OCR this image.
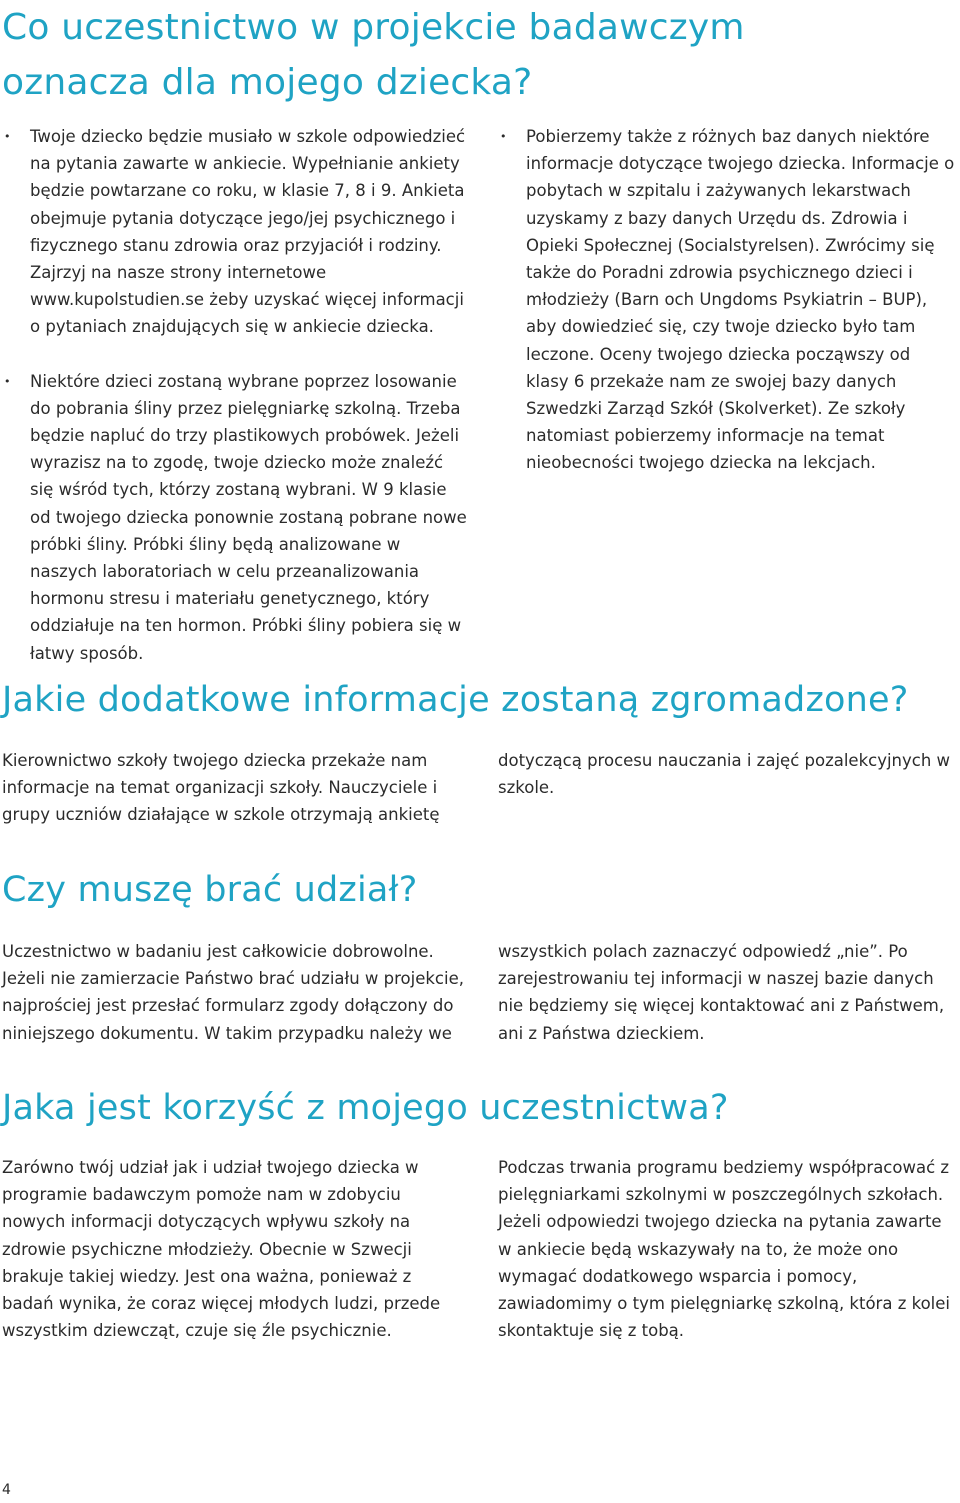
Co uczestnictwo w projekcie badawczym oznacza dla mojego dziecka?
• Twoje dziecko będzie musiało w szkole odpowiedzieć na pytania zawarte w ankiecie. Wypełnianie ankiety będzie powtarzane co roku, w klasie 7, 8 i 9. Ankieta obejmuje pytania dotyczące jego/jej psychicznego i fizycznego stanu zdrowia oraz przyjaciół i rodziny. Zajrzyj na nasze strony internetowe www.kupolstudien.se żeby uzyskać więcej informacji o pytaniach znajdujących się w ankiecie dziecka.
• Niektóre dzieci zostaną wybrane poprzez losowanie do pobrania śliny przez pielęgniarkę szkolną. Trzeba będzie napluć do trzy plastikowych probówek. Jeżeli wyrazisz na to zgodę, twoje dziecko może znaleźć się wśród tych, którzy zostaną wybrani. W 9 klasie od twojego dziecka ponownie zostaną pobrane nowe próbki śliny. Próbki śliny będą analizowane w naszych laboratoriach w celu przeanalizowania hormonu stresu i materiału genetycznego, który oddziałuje na ten hormon. Próbki śliny pobiera się w łatwy sposób.
• Pobierzemy także z różnych baz danych niektóre informacje dotyczące twojego dziecka. Informacje o pobytach w szpitalu i zażywanych lekarstwach uzyskamy z bazy danych Urzędu ds. Zdrowia i Opieki Społecznej (Socialstyrelsen). Zwrócimy się także do Poradni zdrowia psychicznego dzieci i młodzieży (Barn och Ungdoms Psykiatrin – BUP), aby dowiedzieć się, czy twoje dziecko było tam leczone. Oceny twojego dziecka począwszy od klasy 6 przekaże nam ze swojej bazy danych Szwedzki Zarząd Szkół (Skolverket). Ze szkoły natomiast pobierzemy informacje na temat nieobecności twojego dziecka na lekcjach.
Jakie dodatkowe informacje zostaną zgromadzone?

Kierownictwo szkoły twojego dziecka przekaże nam informacje na temat organizacji szkoły. Nauczyciele i grupy uczniów działające w szkole otrzymają ankietę

dotyczącą procesu nauczania i zajęć pozalekcyjnych w szkole.

Czy muszę brać udział?

Uczestnictwo w badaniu jest całkowicie dobrowolne. Jeżeli nie zamierzacie Państwo brać udziału w projekcie, najprościej jest przesłać formularz zgody dołączony do niniejszego dokumentu. W takim przypadku należy we

wszystkich polach zaznaczyć odpowiedź „nie”. Po zarejestrowaniu tej informacji w naszej bazie danych nie będziemy się więcej kontaktować ani z Państwem, ani z Państwa dzieckiem.

Jaka jest korzyść z mojego uczestnictwa?

Zarówno twój udział jak i udział twojego dziecka w programie badawczym pomoże nam w zdobyciu nowych informacji dotyczących wpływu szkoły na zdrowie psychiczne młodzieży. Obecnie w Szwecji brakuje takiej wiedzy. Jest ona ważna, ponieważ z badań wynika, że coraz więcej młodych ludzi, przede wszystkim dziewcząt, czuje się źle psychicznie.

Podczas trwania programu bedziemy współpracować z pielęgniarkami szkolnymi w poszczególnych szkołach. Jeżeli odpowiedzi twojego dziecka na pytania zawarte w ankiecie będą wskazywały na to, że może ono wymagać dodatkowego wsparcia i pomocy, zawiadomimy o tym pielęgniarkę szkolną, która z kolei skontaktuje się z tobą.

4
